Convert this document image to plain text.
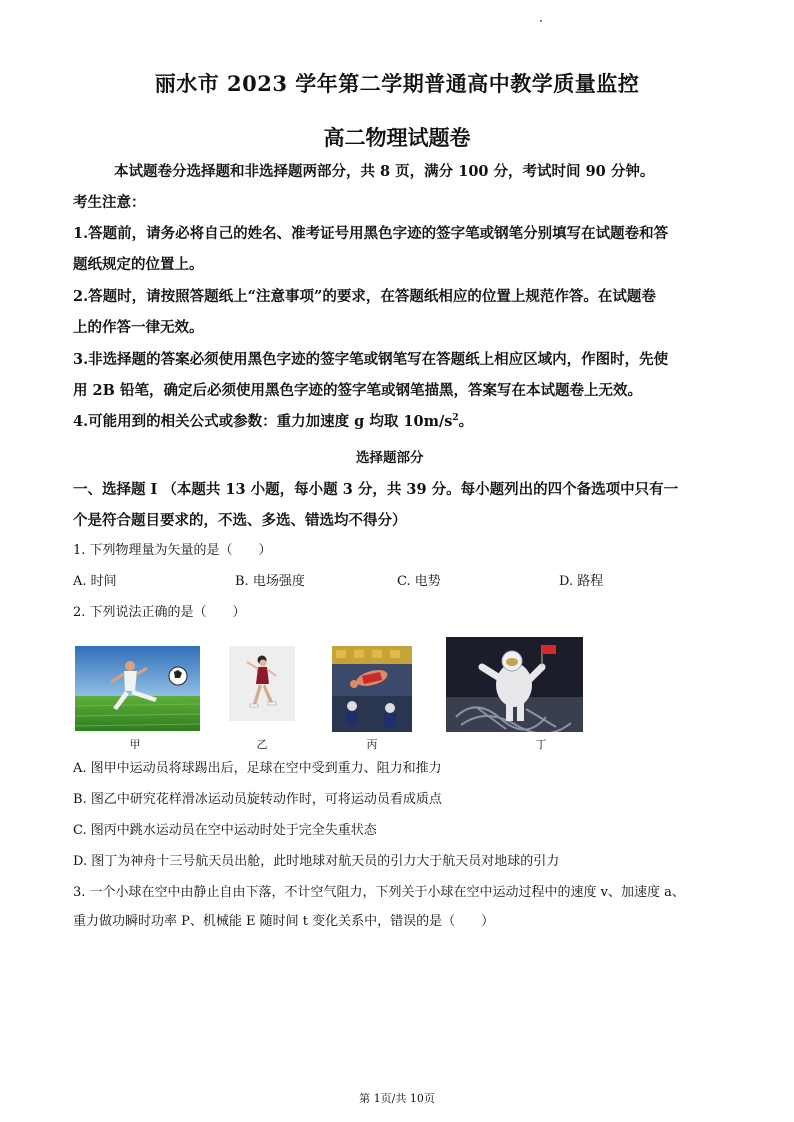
丽水市 2023 学年第二学期普通高中教学质量监控
高二物理试题卷
本试题卷分选择题和非选择题两部分，共 8 页，满分 100 分，考试时间 90 分钟。
考生注意：
1.答题前，请务必将自己的姓名、准考证号用黑色字迹的签字笔或钢笔分别填写在试题卷和答
题纸规定的位置上。
2.答题时，请按照答题纸上“注意事项”的要求，在答题纸相应的位置上规范作答。在试题卷
上的作答一律无效。
3.非选择题的答案必须使用黑色字迹的签字笔或钢笔写在答题纸上相应区域内，作图时，先使
用 2B 铅笔，确定后必须使用黑色字迹的签字笔或钢笔描黑，答案写在本试题卷上无效。
4.可能用到的相关公式或参数：重力加速度 g 均取 $10m/s^2$。
选择题部分
一、选择题 I （本题共 13 小题，每小题 3 分，共 39 分。每小题列出的四个备选项中只有一
个是符合题目要求的，不选、多选、错选均不得分）
1. 下列物理量为矢量的是（　　）
A. 时间	B. 电场强度	C. 电势	D. 路程
2. 下列说法正确的是（　　）
甲	乙	丙	丁
A. 图甲中运动员将球踢出后，足球在空中受到重力、阻力和推力
B. 图乙中研究花样滑冰运动员旋转动作时，可将运动员看成质点
C. 图丙中跳水运动员在空中运动时处于完全失重状态
D. 图丁为神舟十三号航天员出舱，此时地球对航天员的引力大于航天员对地球的引力
3. 一个小球在空中由静止自由下落，不计空气阻力，下列关于小球在空中运动过程中的速度 v、加速度 a、
重力做功瞬时功率 P、机械能 E 随时间 t 变化关系中，错误的是（　　）
第 1页/共 10页
